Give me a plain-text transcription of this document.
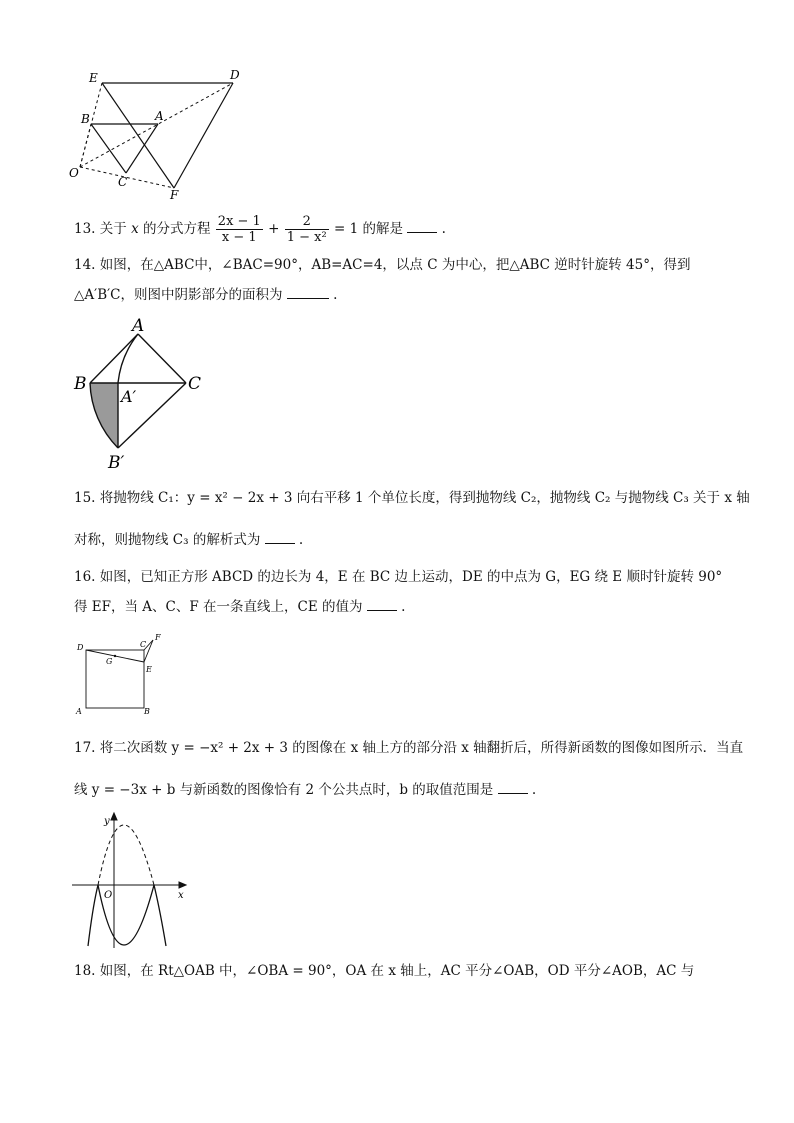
E	D
B	A
O
C
F
13. 关于 x 的分式方程 $\frac{2x - 1}{x - 1} + \frac{2}{\text{1 − x²}} = 1$ 的解是	.
14. 如图，在△ABC中，∠BAC=90°，AB=AC=4，以点 C 为中心，把△ABC 逆时针旋转 45°，得到
△A′B′C，则图中阴影部分的面积为	.
A
B	C
A′
B′
15. 将抛物线 C₁：y = x² − 2x + 3 向右平移 1 个单位长度，得到抛物线 C₂，抛物线 C₂ 与抛物线 C₃ 关于 x 轴
对称，则抛物线 C₃ 的解析式为	.
16. 如图，已知正方形 ABCD 的边长为 4，E 在 BC 边上运动，DE 的中点为 G，EG 绕 E 顺时针旋转 90°
得 EF，当 A、C、F 在一条直线上，CE 的值为	.
D	C
F
G
E
A	B
17. 将二次函数 y = −x² + 2x + 3 的图像在 x 轴上方的部分沿 x 轴翻折后，所得新函数的图像如图所示．当直
线 y = −3x + b 与新函数的图像恰有 2 个公共点时，b 的取值范围是	.
y
x
O
18. 如图，在 Rt△OAB 中，∠OBA = 90°，OA 在 x 轴上，AC 平分∠OAB，OD 平分∠AOB，AC 与
